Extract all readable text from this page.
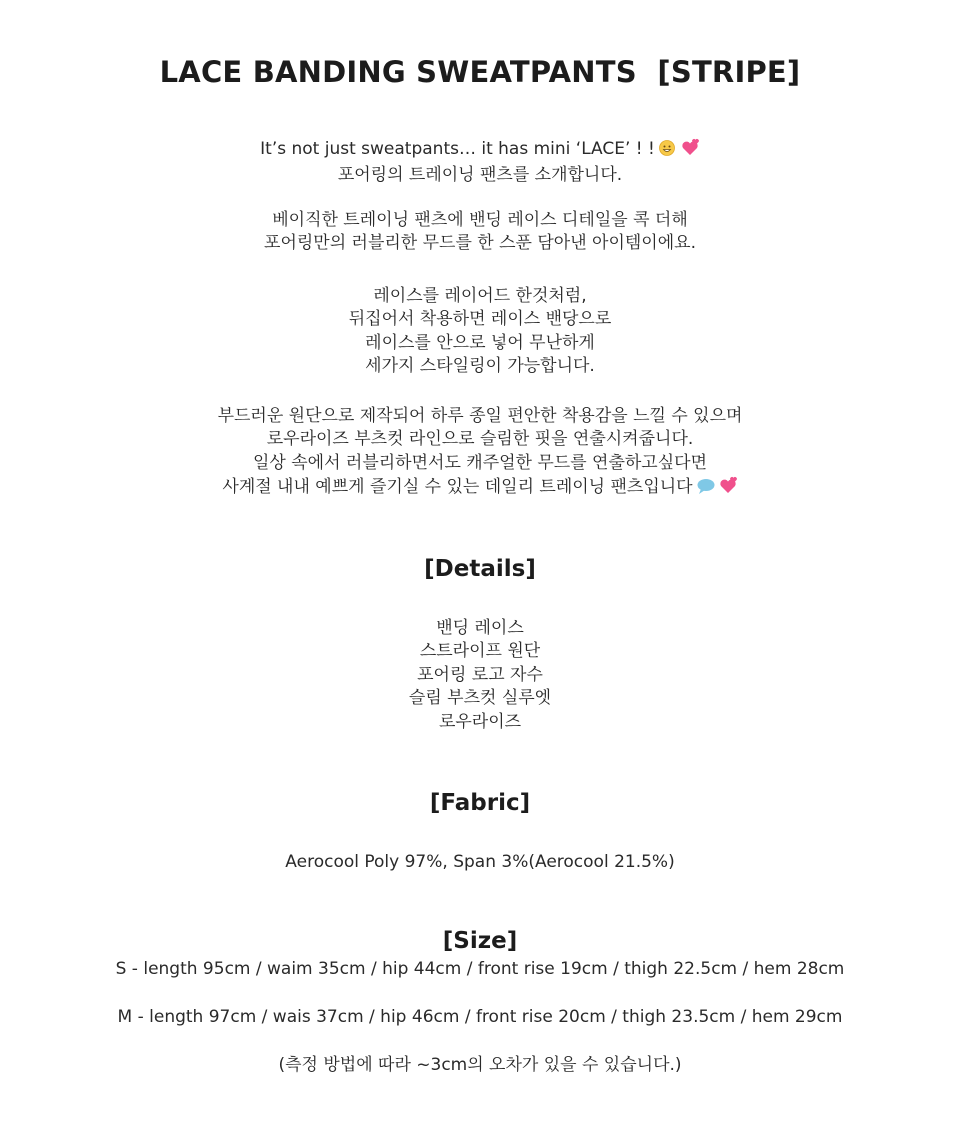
LACE BANDING SWEATPANTS  [STRIPE]
It’s not just sweatpants… it has mini ‘LACE’ ! !
포어링의 트레이닝 팬츠를 소개합니다.
베이직한 트레이닝 팬츠에 밴딩 레이스 디테일을 콕 더해
포어링만의 러블리한 무드를 한 스푼 담아낸 아이템이에요.
레이스를 레이어드 한것처럼,
뒤집어서 착용하면 레이스 밴당으로
레이스를 안으로 넣어 무난하게
세가지 스타일링이 가능합니다.
부드러운 원단으로 제작되어 하루 종일 편안한 착용감을 느낄 수 있으며
로우라이즈 부츠컷 라인으로 슬림한 핏을 연출시켜줍니다.
일상 속에서 러블리하면서도 캐주얼한 무드를 연출하고싶다면
사계절 내내 예쁘게 즐기실 수 있는 데일리 트레이닝 팬츠입니다
[Details]
밴딩 레이스
스트라이프 원단
포어링 로고 자수
슬림 부츠컷 실루엣
로우라이즈
[Fabric]
Aerocool Poly 97%, Span 3%(Aerocool 21.5%)
[Size]
S - length 95cm / waim 35cm / hip 44cm / front rise 19cm / thigh 22.5cm / hem 28cm
M - length 97cm / wais 37cm / hip 46cm / front rise 20cm / thigh 23.5cm / hem 29cm
(측정 방법에 따라 ~3cm의 오차가 있을 수 있습니다.)
